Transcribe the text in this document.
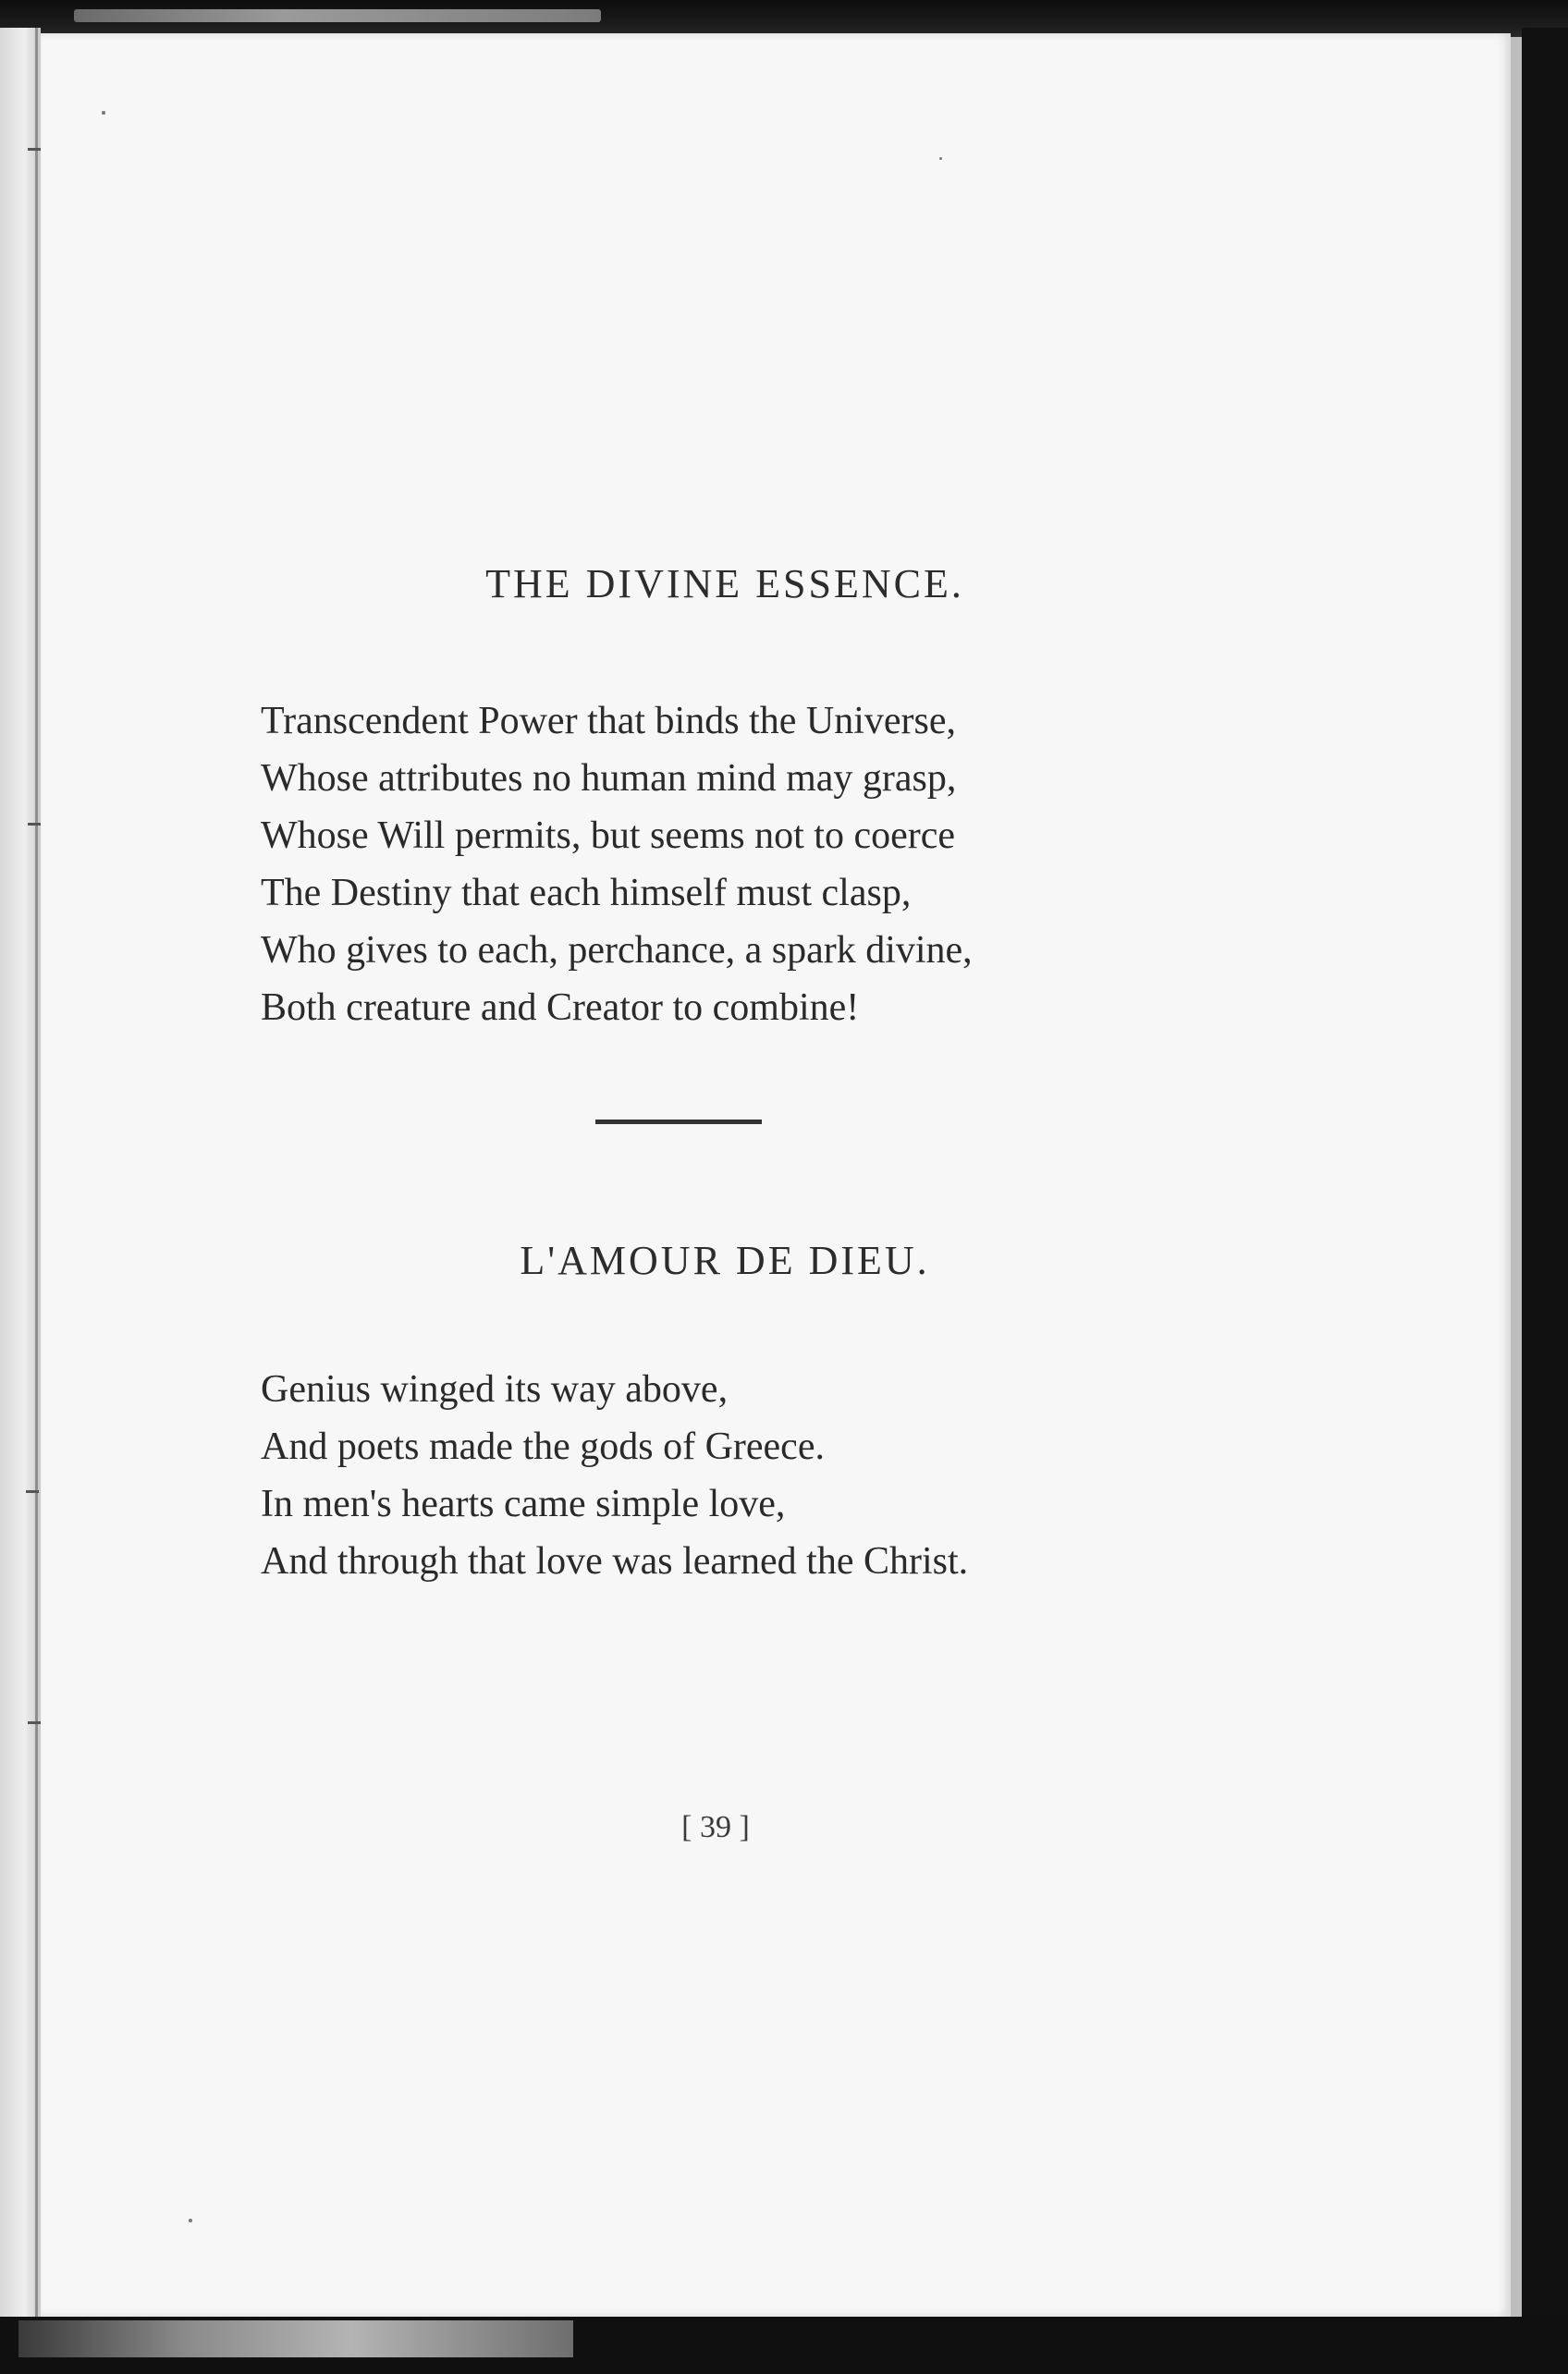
THE DIVINE ESSENCE.
Transcendent Power that binds the Universe,
Whose attributes no human mind may grasp,
Whose Will permits, but seems not to coerce
The Destiny that each himself must clasp,
Who gives to each, perchance, a spark divine,
Both creature and Creator to combine!
L'AMOUR DE DIEU.
Genius winged its way above,
And poets made the gods of Greece.
In men's hearts came simple love,
And through that love was learned the Christ.
[ 39 ]
